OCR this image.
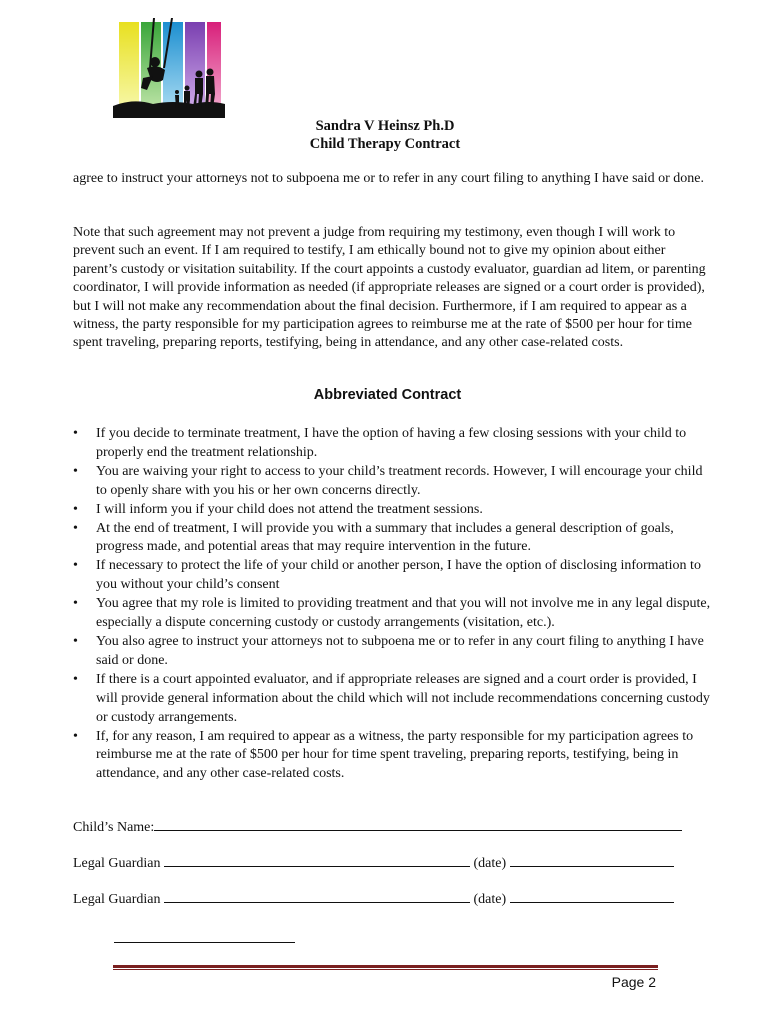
Sandra V Heinsz Ph.D
Child Therapy Contract

agree to instruct your attorneys not to subpoena me or to refer in any court filing to anything I have said or done.

Note that such agreement may not prevent a judge from requiring my testimony, even though I will work to prevent such an event. If I am required to testify, I am ethically bound not to give my opinion about either parent’s custody or visitation suitability. If the court appoints a custody evaluator, guardian ad litem, or parenting coordinator, I will provide information as needed (if appropriate releases are signed or a court order is provided), but I will not make any recommendation about the final decision. Furthermore, if I am required to appear as a witness, the party responsible for my participation agrees to reimburse me at the rate of $500 per hour for time spent traveling, preparing reports, testifying, being in attendance, and any other case-related costs.

Abbreviated Contract
• If you decide to terminate treatment, I have the option of having a few closing sessions with your child to properly end the treatment relationship.
• You are waiving your right to access to your child’s treatment records. However, I will encourage your child to openly share with you his or her own concerns directly.
• I will inform you if your child does not attend the treatment sessions.
• At the end of treatment, I will provide you with a summary that includes a general description of goals, progress made, and potential areas that may require intervention in the future.
• If necessary to protect the life of your child or another person, I have the option of disclosing information to you without your child’s consent
• You agree that my role is limited to providing treatment and that you will not involve me in any legal dispute, especially a dispute concerning custody or custody arrangements (visitation, etc.).
• You also agree to instruct your attorneys not to subpoena me or to refer in any court filing to anything I have said or done.
• If there is a court appointed evaluator, and if appropriate releases are signed and a court order is provided, I will provide general information about the child which will not include recommendations concerning custody or custody arrangements.
• If, for any reason, I am required to appear as a witness, the party responsible for my participation agrees to reimburse me at the rate of $500 per hour for time spent traveling, preparing reports, testifying, being in attendance, and any other case-related costs.
Child’s Name:
Legal Guardian	(date)
Legal Guardian	(date)
Page 2
